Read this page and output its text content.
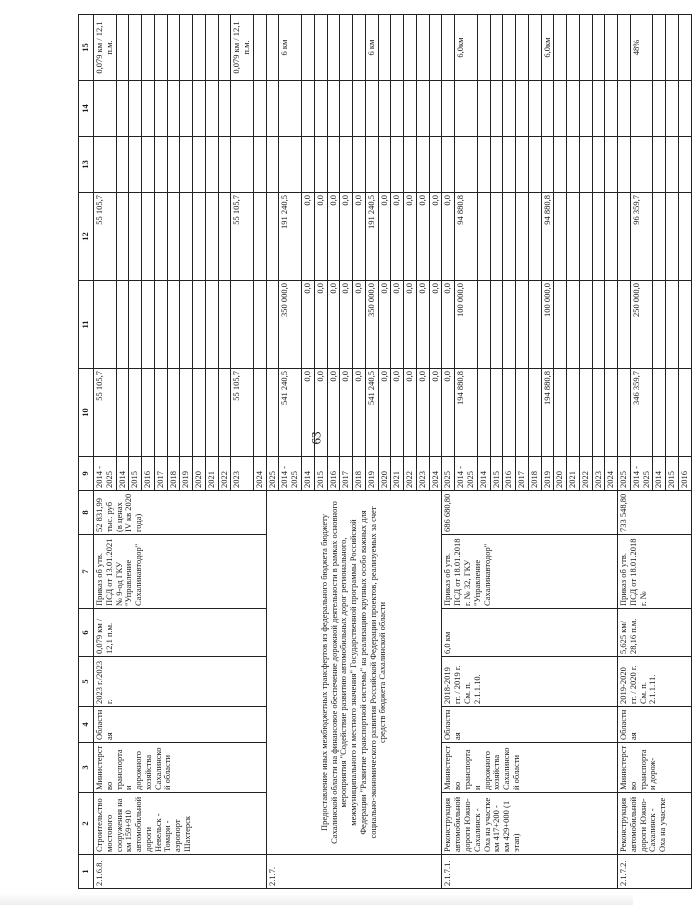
63
1	2	3	4	5	6	7	8	9	10	11	12	13	14	15
2.1.6.8.	Строительство мостового сооружения на км 159+910 автомобильной дороги Невельск - Томари - аэропорт Шахтерск	Министерство транспорта и дорожного хозяйства Сахалинской области	Областная	2023 г./2023 г.	0,079 км / 12,1 п.м.	Приказ об утв. ПСД от 13.01.2021 № 9-од ГКУ "Управление Сахалинавтодор"	52 831,99 тыс. руб (в ценах IV кв 2020 года)	2014 - 2025	55 105,7		55 105,7			0,079 км / 12,1 п.м.
								2014						
								2015						
								2016						
								2017						
								2018						
								2019						
								2020						
								2021						
								2022						
								2023	55 105,7		55 105,7			0,079 км / 12,1 п.м.
								2024						
2.1.7.	Предоставление иных межбюджетных трансфертов из федерального бюджета бюджету Сахалинской области на финансовое обеспечение дорожной деятельности в рамках основного мероприятия "Содействие развитию автомобильных дорог регионального, межмуниципального и местного значения" Государственной программы Российской Федерации "Развитие транспортной системы" на реализацию крупных особо важных для социально-экономического развития Российской Федерации проектов, реализуемых за счет средств бюджета Сахалинской области							2025						
								2014 - 2025	541 240,5	350 000,0	191 240,5			6 км
								2014	0,0	0,0	0,0			
								2015	0,0	0,0	0,0			
								2016	0,0	0,0	0,0			
								2017	0,0	0,0	0,0			
								2018	0,0	0,0	0,0			
								2019	541 240,5	350 000,0	191 240,5			6 км
								2020	0,0	0,0	0,0			
								2021	0,0	0,0	0,0			
								2022	0,0	0,0	0,0			
								2023	0,0	0,0	0,0			
								2024	0,0	0,0	0,0			
2.1.7.1.	Реконструкция автомобильной дороги Южно-Сахалинск - Оха на участке км 417+200 - км 429+000 (1 этап)	Министерство транспорта и дорожного хозяйства Сахалинской области	Областная	2018-2019 гг. / 2019 г. См. п. 2.1.1.10.	6,0 км	Приказ об утв. ПСД от 18.01.2018 г. № 32, ГКУ "Управление Сахалинавтодор"	686 680,80	2025	0,0	0,0	0,0			
								2014 - 2025	194 880,8	100 000,0	94 880,8			6,0км
								2014						
								2015						
								2016						
								2017						
								2018						
								2019	194 880,8	100 000,0	94 880,8			6,0км
								2020						
								2021						
								2022						
								2023						
								2024						
2.1.7.2.	Реконструкция автомобильной дороги Южно-Сахалинск - Оха на участке	Министерство транспорта и дорож-	Областная	2019-2020 гг. / 2020 г. См. п. 2.1.1.11.	5,625 км/ 28,16 п.м.	Приказ об утв. ПСД от 18.01.2018 г. №	733 548,80	2025						
								2014 - 2025	346 359,7	250 000,0	96 359,7			48%
								2014						
								2015						
								2016						
